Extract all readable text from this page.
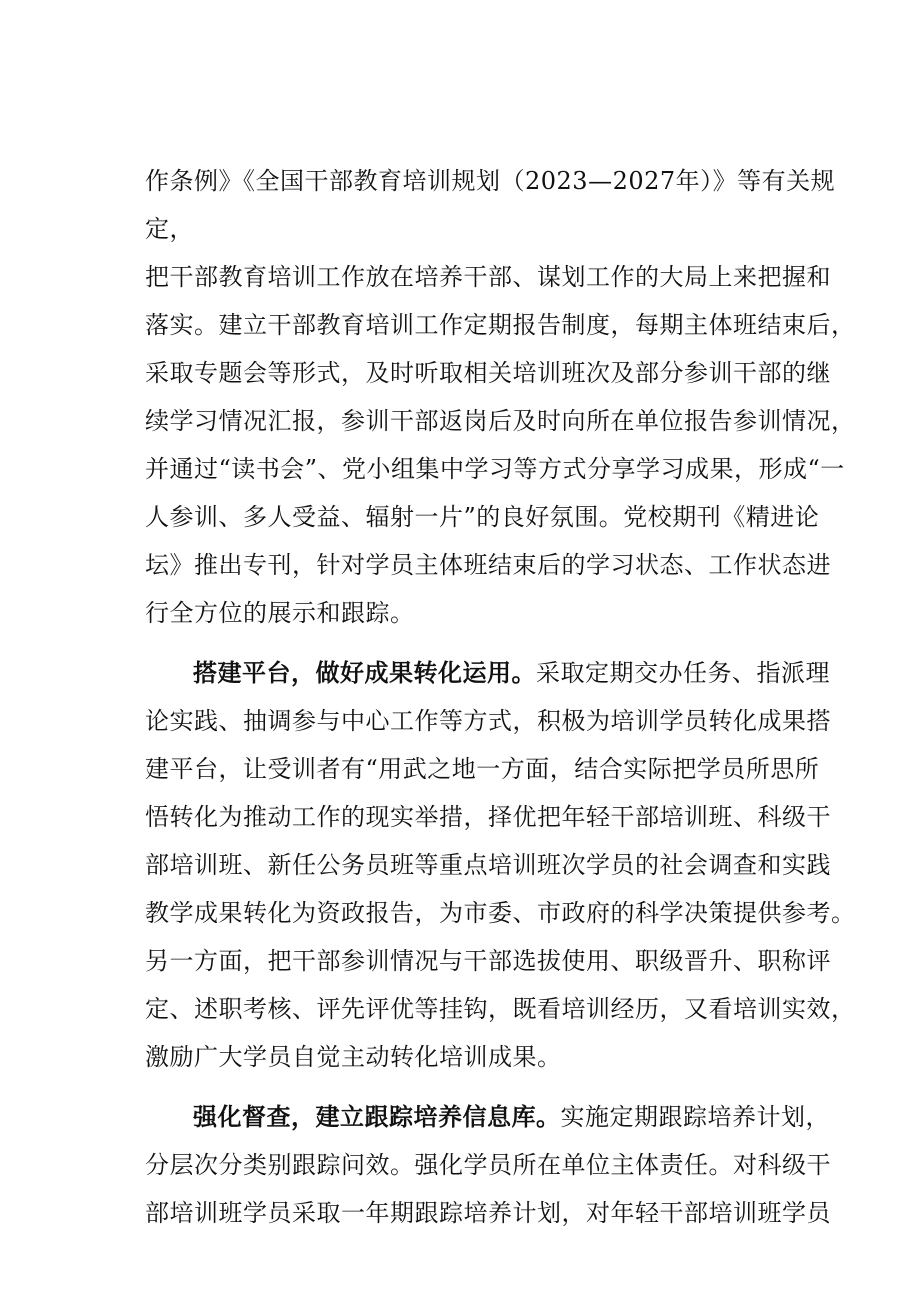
作条例》《全国干部教育培训规划（2023—2027年）》等有关规
定，
把干部教育培训工作放在培养干部、谋划工作的大局上来把握和
落实。建立干部教育培训工作定期报告制度，每期主体班结束后，
采取专题会等形式，及时听取相关培训班次及部分参训干部的继
续学习情况汇报，参训干部返岗后及时向所在单位报告参训情况，
并通过“读书会”、党小组集中学习等方式分享学习成果，形成“一
人参训、多人受益、辐射一片”的良好氛围。党校期刊《精进论
坛》推出专刊，针对学员主体班结束后的学习状态、工作状态进
行全方位的展示和跟踪。
搭建平台，做好成果转化运用。采取定期交办任务、指派理
论实践、抽调参与中心工作等方式，积极为培训学员转化成果搭
建平台，让受训者有“用武之地一方面，结合实际把学员所思所
悟转化为推动工作的现实举措，择优把年轻干部培训班、科级干
部培训班、新任公务员班等重点培训班次学员的社会调查和实践
教学成果转化为资政报告，为市委、市政府的科学决策提供参考。
另一方面，把干部参训情况与干部选拔使用、职级晋升、职称评
定、述职考核、评先评优等挂钩，既看培训经历，又看培训实效，
激励广大学员自觉主动转化培训成果。
强化督查，建立跟踪培养信息库。实施定期跟踪培养计划，
分层次分类别跟踪问效。强化学员所在单位主体责任。对科级干
部培训班学员采取一年期跟踪培养计划，对年轻干部培训班学员
